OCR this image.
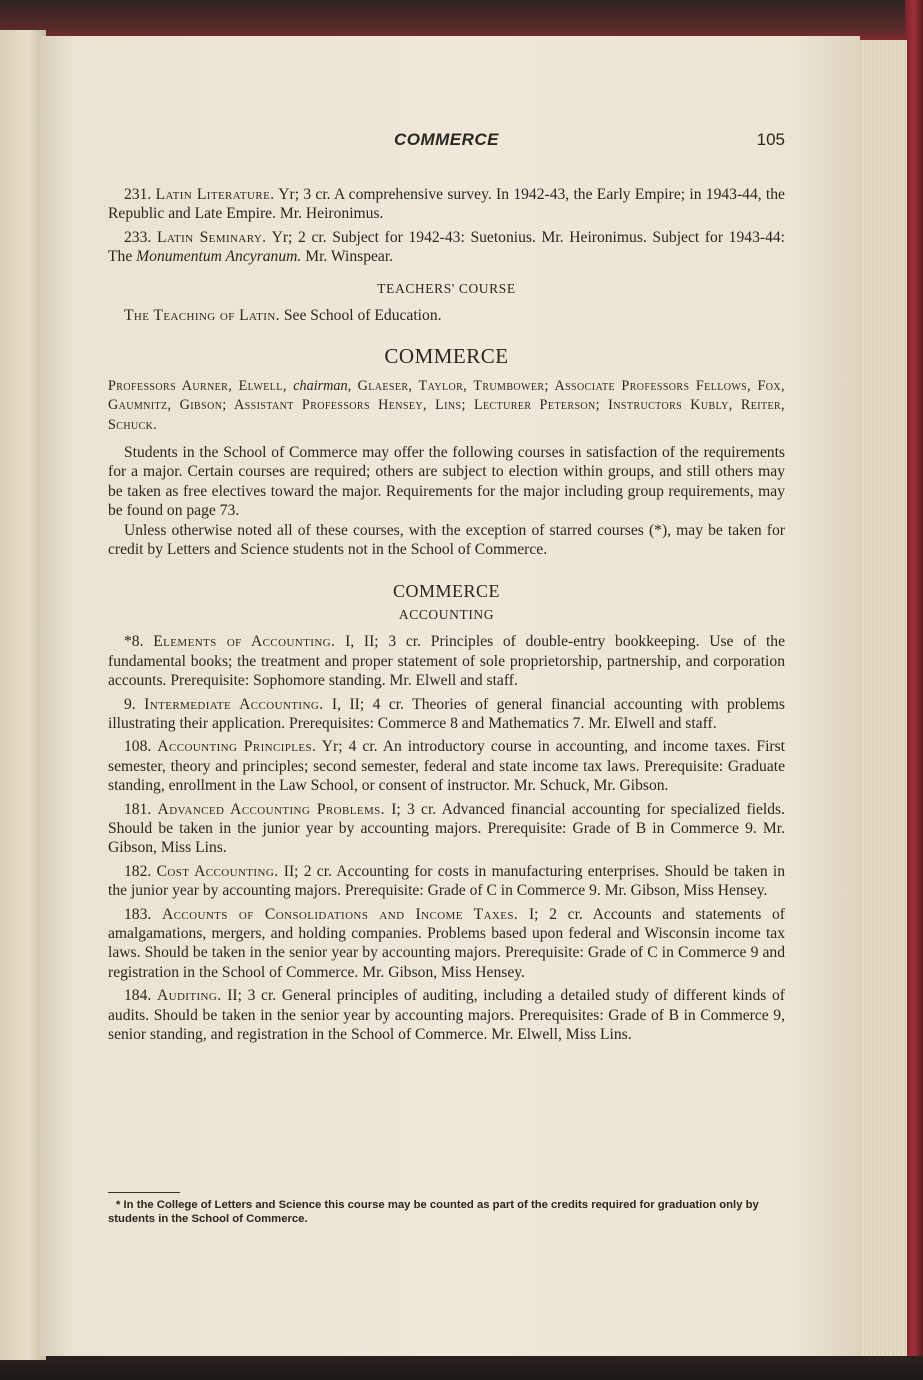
COMMERCE	105

231. Latin Literature. Yr; 3 cr. A comprehensive survey. In 1942-43, the Early Empire; in 1943-44, the Republic and Late Empire. Mr. Heironimus.

233. Latin Seminary. Yr; 2 cr. Subject for 1942-43: Suetonius. Mr. Heironimus. Subject for 1943-44: The Monumentum Ancyranum. Mr. Winspear.

TEACHERS' COURSE

The Teaching of Latin. See School of Education.

COMMERCE
Professors Aurner, Elwell, chairman, Glaeser, Taylor, Trumbower; Associate Professors Fellows, Fox, Gaumnitz, Gibson; Assistant Professors Hensey, Lins; Lecturer Peterson; Instructors Kubly, Reiter, Schuck.

Students in the School of Commerce may offer the following courses in satisfaction of the requirements for a major. Certain courses are required; others are subject to election within groups, and still others may be taken as free electives toward the major. Requirements for the major including group requirements, may be found on page 73.

Unless otherwise noted all of these courses, with the exception of starred courses (*), may be taken for credit by Letters and Science students not in the School of Commerce.

COMMERCE
ACCOUNTING

*8. Elements of Accounting. I, II; 3 cr. Principles of double-entry bookkeeping. Use of the fundamental books; the treatment and proper statement of sole proprietorship, partnership, and corporation accounts. Prerequisite: Sophomore standing. Mr. Elwell and staff.

9. Intermediate Accounting. I, II; 4 cr. Theories of general financial accounting with problems illustrating their application. Prerequisites: Commerce 8 and Mathematics 7. Mr. Elwell and staff.

108. Accounting Principles. Yr; 4 cr. An introductory course in accounting, and income taxes. First semester, theory and principles; second semester, federal and state income tax laws. Prerequisite: Graduate standing, enrollment in the Law School, or consent of instructor. Mr. Schuck, Mr. Gibson.

181. Advanced Accounting Problems. I; 3 cr. Advanced financial accounting for specialized fields. Should be taken in the junior year by accounting majors. Prerequisite: Grade of B in Commerce 9. Mr. Gibson, Miss Lins.

182. Cost Accounting. II; 2 cr. Accounting for costs in manufacturing enterprises. Should be taken in the junior year by accounting majors. Prerequisite: Grade of C in Commerce 9. Mr. Gibson, Miss Hensey.

183. Accounts of Consolidations and Income Taxes. I; 2 cr. Accounts and statements of amalgamations, mergers, and holding companies. Problems based upon federal and Wisconsin income tax laws. Should be taken in the senior year by accounting majors. Prerequisite: Grade of C in Commerce 9 and registration in the School of Commerce. Mr. Gibson, Miss Hensey.

184. Auditing. II; 3 cr. General principles of auditing, including a detailed study of different kinds of audits. Should be taken in the senior year by accounting majors. Prerequisites: Grade of B in Commerce 9, senior standing, and registration in the School of Commerce. Mr. Elwell, Miss Lins.

* In the College of Letters and Science this course may be counted as part of the credits required for graduation only by students in the School of Commerce.
